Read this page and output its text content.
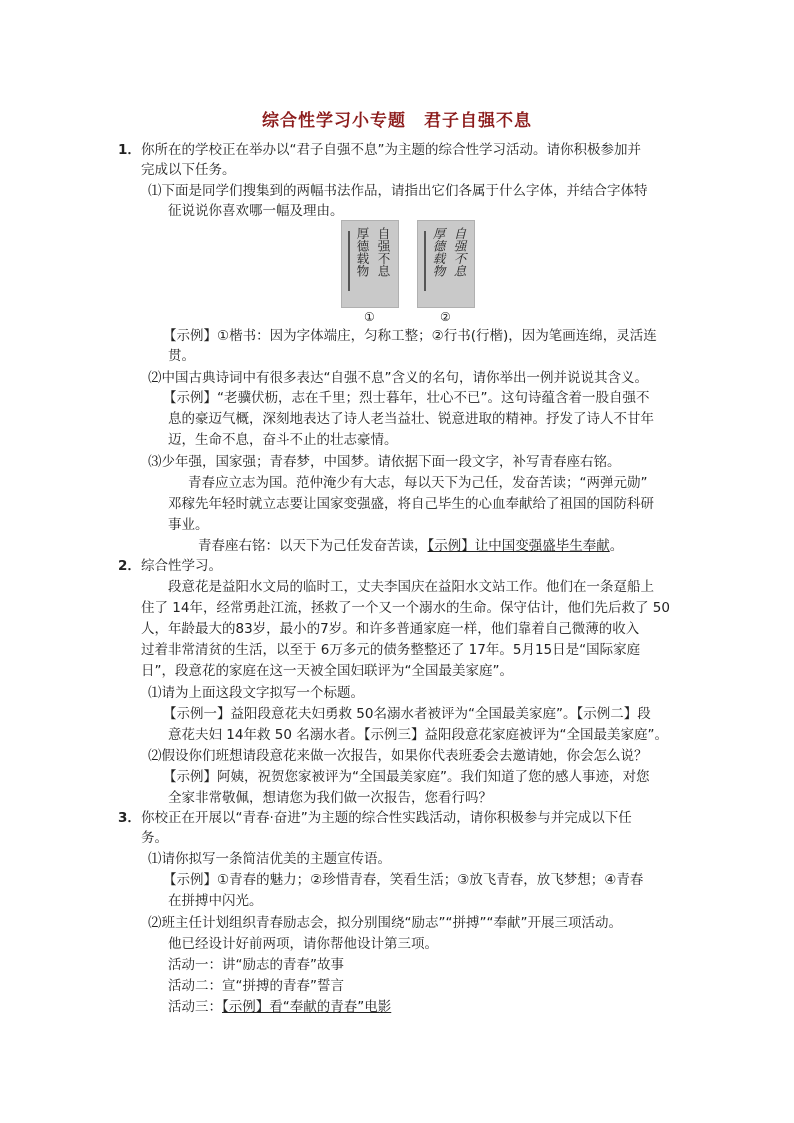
综合性学习小专题　君子自强不息
1． 你所在的学校正在举办以“君子自强不息”为主题的综合性学习活动。请你积极参加并
完成以下任务。
⑴下面是同学们搜集到的两幅书法作品，请指出它们各属于什么字体，并结合字体特
征说说你喜欢哪一幅及理由。
自强不息
厚德载物
①
自强不息
厚德载物
②
【示例】①楷书：因为字体端庄，匀称工整；②行书(行楷)，因为笔画连绵，灵活连
贯。
⑵中国古典诗词中有很多表达“自强不息”含义的名句，请你举出一例并说说其含义。
【示例】“老骥伏枥，志在千里；烈士暮年，壮心不已”。这句诗蕴含着一股自强不
息的豪迈气概，深刻地表达了诗人老当益壮、锐意进取的精神。抒发了诗人不甘年
迈，生命不息，奋斗不止的壮志豪情。
⑶少年强，国家强；青春梦，中国梦。请依据下面一段文字，补写青春座右铭。
青春应立志为国。范仲淹少有大志，每以天下为己任，发奋苦读；“两弹元勋”
邓稼先年轻时就立志要让国家变强盛，将自己毕生的心血奉献给了祖国的国防科研
事业。
青春座右铭：以天下为己任发奋苦读，【示例】让中国变强盛毕生奉献。
2． 综合性学习。
段意花是益阳水文局的临时工，丈夫李国庆在益阳水文站工作。他们在一条趸船上
住了 14年，经常勇赴江流，拯救了一个又一个溺水的生命。保守估计，他们先后救了 50
人，年龄最大的83岁，最小的7岁。和许多普通家庭一样，他们靠着自己微薄的收入
过着非常清贫的生活，以至于 6万多元的债务整整还了 17年。5月15日是“国际家庭
日”，段意花的家庭在这一天被全国妇联评为“全国最美家庭”。
⑴请为上面这段文字拟写一个标题。
【示例一】益阳段意花夫妇勇救 50名溺水者被评为“全国最美家庭”。【示例二】段
意花夫妇 14年救 50 名溺水者。【示例三】益阳段意花家庭被评为“全国最美家庭”。
⑵假设你们班想请段意花来做一次报告，如果你代表班委会去邀请她，你会怎么说？
【示例】阿姨，祝贺您家被评为“全国最美家庭”。我们知道了您的感人事迹，对您
全家非常敬佩，想请您为我们做一次报告，您看行吗？
3． 你校正在开展以“青春·奋进”为主题的综合性实践活动，请你积极参与并完成以下任
务。
⑴请你拟写一条简洁优美的主题宣传语。
【示例】①青春的魅力；②珍惜青春，笑看生活；③放飞青春，放飞梦想；④青春
在拼搏中闪光。
⑵班主任计划组织青春励志会，拟分别围绕“励志”“拼搏”“奉献”开展三项活动。
他已经设计好前两项，请你帮他设计第三项。
活动一：讲“励志的青春”故事
活动二：宣“拼搏的青春”誓言
活动三：【示例】看“奉献的青春”电影
